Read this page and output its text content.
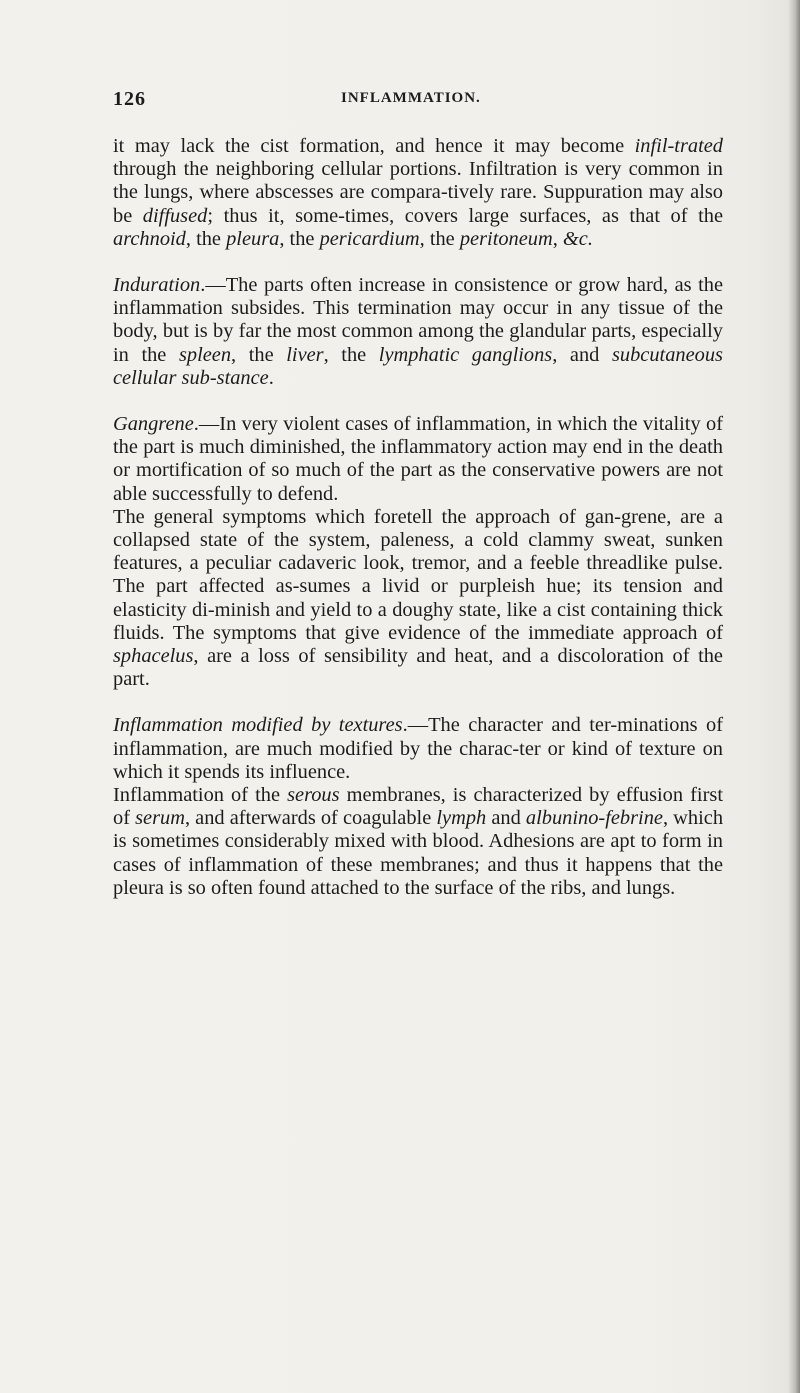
126	INFLAMMATION.

it may lack the cist formation, and hence it may become infil-trated through the neighboring cellular portions. Infiltration is very common in the lungs, where abscesses are compara-tively rare. Suppuration may also be diffused; thus it, some-times, covers large surfaces, as that of the archnoid, the pleura, the pericardium, the peritoneum, &c.

Induration.—The parts often increase in consistence or grow hard, as the inflammation subsides. This termination may occur in any tissue of the body, but is by far the most common among the glandular parts, especially in the spleen, the liver, the lymphatic ganglions, and subcutaneous cellular sub-stance.

Gangrene.—In very violent cases of inflammation, in which the vitality of the part is much diminished, the inflammatory action may end in the death or mortification of so much of the part as the conservative powers are not able successfully to defend.

The general symptoms which foretell the approach of gan-grene, are a collapsed state of the system, paleness, a cold clammy sweat, sunken features, a peculiar cadaveric look, tremor, and a feeble threadlike pulse. The part affected as-sumes a livid or purpleish hue; its tension and elasticity di-minish and yield to a doughy state, like a cist containing thick fluids. The symptoms that give evidence of the immediate approach of sphacelus, are a loss of sensibility and heat, and a discoloration of the part.

Inflammation modified by textures.—The character and ter-minations of inflammation, are much modified by the charac-ter or kind of texture on which it spends its influence.

Inflammation of the serous membranes, is characterized by effusion first of serum, and afterwards of coagulable lymph and albunino-febrine, which is sometimes considerably mixed with blood. Adhesions are apt to form in cases of inflammation of these membranes; and thus it happens that the pleura is so often found attached to the surface of the ribs, and lungs.
